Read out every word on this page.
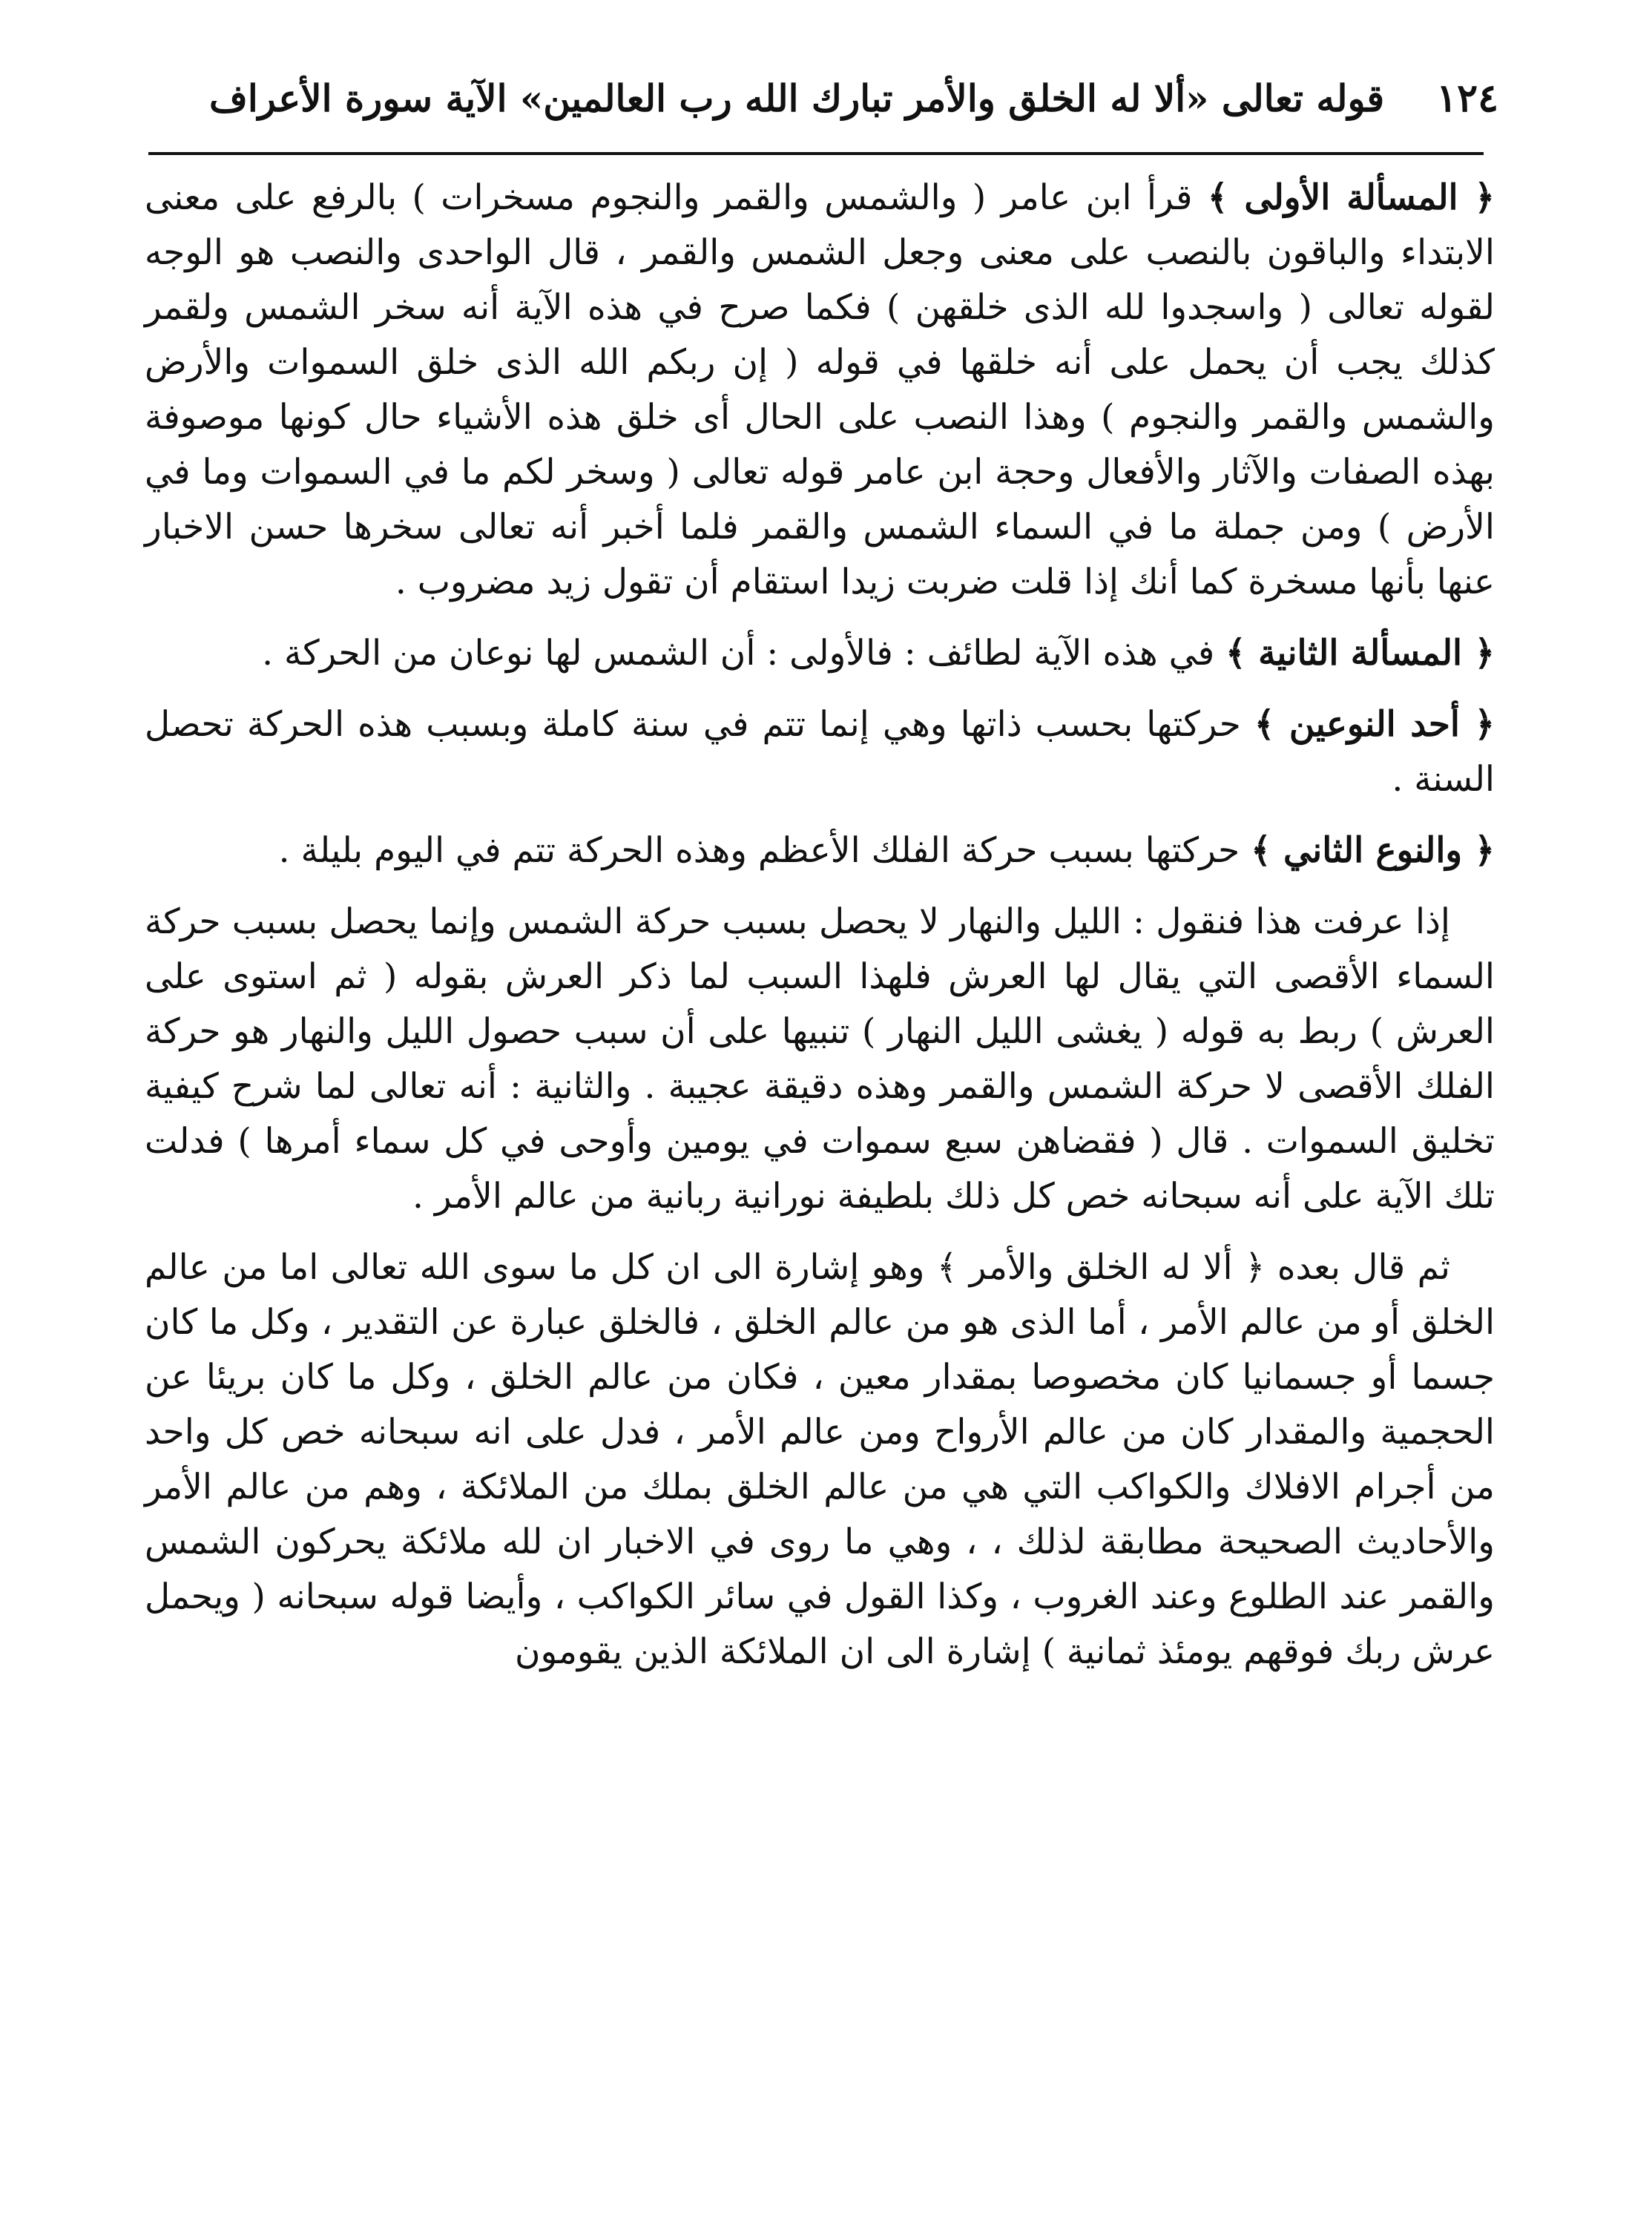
١٢٤
قوله تعالى «ألا له الخلق والأمر تبارك الله رب العالمين» الآية سورة الأعراف

﴿ المسألة الأولى ﴾ قرأ ابن عامر ( والشمس والقمر والنجوم مسخرات ) بالرفع على معنى الابتداء والباقون بالنصب على معنى وجعل الشمس والقمر ، قال الواحدى والنصب هو الوجه لقوله تعالى ( واسجدوا لله الذى خلقهن ) فكما صرح في هذه الآية أنه سخر الشمس ولقمر كذلك يجب أن يحمل على أنه خلقها في قوله ( إن ربكم الله الذى خلق السموات والأرض والشمس والقمر والنجوم ) وهذا النصب على الحال أى خلق هذه الأشياء حال كونها موصوفة بهذه الصفات والآثار والأفعال وحجة ابن عامر قوله تعالى ( وسخر لكم ما في السموات وما في الأرض ) ومن جملة ما في السماء الشمس والقمر فلما أخبر أنه تعالى سخرها حسن الاخبار عنها بأنها مسخرة كما أنك إذا قلت ضربت زيدا استقام أن تقول زيد مضروب .

﴿ المسألة الثانية ﴾ في هذه الآية لطائف : فالأولى : أن الشمس لها نوعان من الحركة .

﴿ أحد النوعين ﴾ حركتها بحسب ذاتها وهي إنما تتم في سنة كاملة وبسبب هذه الحركة تحصل السنة .

﴿ والنوع الثاني ﴾ حركتها بسبب حركة الفلك الأعظم وهذه الحركة تتم في اليوم بليلة .

إذا عرفت هذا فنقول : الليل والنهار لا يحصل بسبب حركة الشمس وإنما يحصل بسبب حركة السماء الأقصى التي يقال لها العرش فلهذا السبب لما ذكر العرش بقوله ( ثم استوى على العرش ) ربط به قوله ( يغشى الليل النهار ) تنبيها على أن سبب حصول الليل والنهار هو حركة الفلك الأقصى لا حركة الشمس والقمر وهذه دقيقة عجيبة . والثانية : أنه تعالى لما شرح كيفية تخليق السموات . قال ( فقضاهن سبع سموات في يومين وأوحى في كل سماء أمرها ) فدلت تلك الآية على أنه سبحانه خص كل ذلك بلطيفة نورانية ربانية من عالم الأمر .

ثم قال بعده ﴿ ألا له الخلق والأمر ﴾ وهو إشارة الى ان كل ما سوى الله تعالى اما من عالم الخلق أو من عالم الأمر ، أما الذى هو من عالم الخلق ، فالخلق عبارة عن التقدير ، وكل ما كان جسما أو جسمانيا كان مخصوصا بمقدار معين ، فكان من عالم الخلق ، وكل ما كان بريئا عن الحجمية والمقدار كان من عالم الأرواح ومن عالم الأمر ، فدل على انه سبحانه خص كل واحد من أجرام الافلاك والكواكب التي هي من عالم الخلق بملك من الملائكة ، وهم من عالم الأمر والأحاديث الصحيحة مطابقة لذلك ، ، وهي ما روى في الاخبار ان لله ملائكة يحركون الشمس والقمر عند الطلوع وعند الغروب ، وكذا القول في سائر الكواكب ، وأيضا قوله سبحانه ( ويحمل عرش ربك فوقهم يومئذ ثمانية ) إشارة الى ان الملائكة الذين يقومون
